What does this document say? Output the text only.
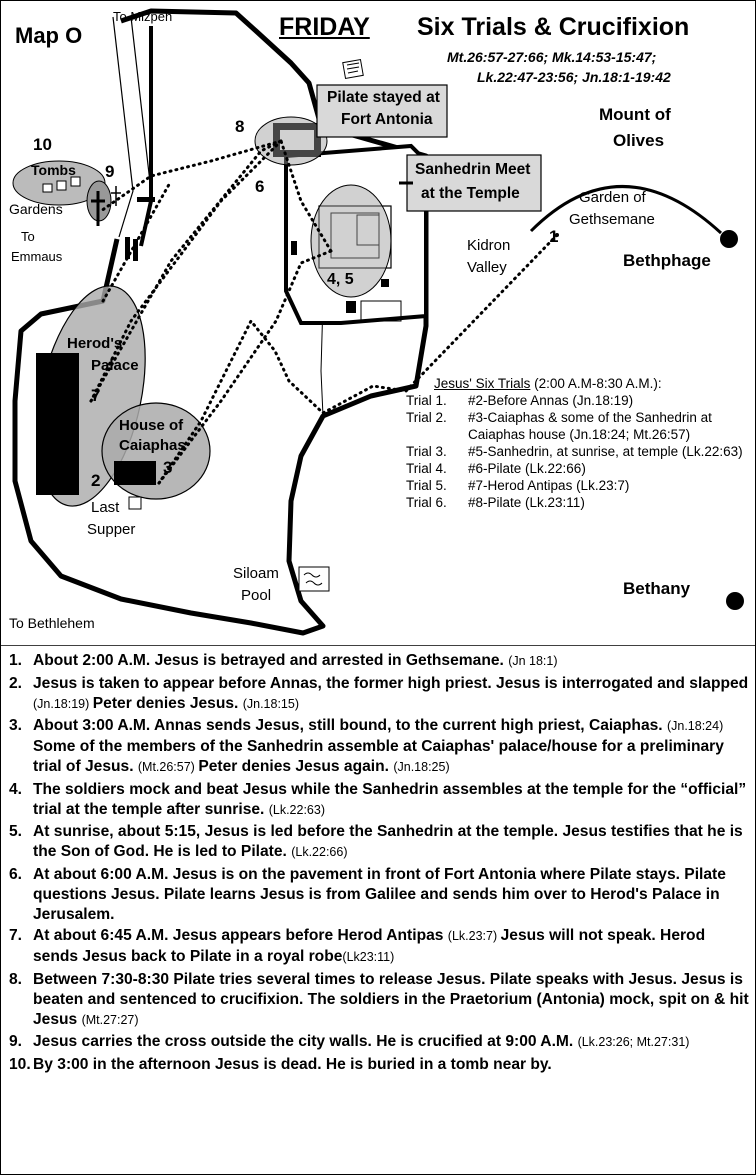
Map O	FRIDAY Six Trials & Crucifixion
Mt.26:57-27:66; Mk.14:53-15:47;
Lk.22:47-23:56; Jn.18:1-19:42
To Mizpeh
Mount of
Olives
Pilate stayed at
Fort Antonia
Sanhedrin Meet
at the Temple	Garden of
Gethsemane
Bethphage
Kidron
Valley
Tombs
Gardens
To
Emmaus
Herod's
Palace
House of
Caiaphas
Last
Supper
Siloam
Pool
To Bethlehem
Bethany
1
2
3
4, 5
6
7
8
9
10
Jesus' Six Trials (2:00 A.M-8:30 A.M.):
Trial 1. #2-Before Annas (Jn.18:19)
Trial 2. #3-Caiaphas & some of the Sanhedrin at Caiaphas house (Jn.18:24; Mt.26:57)
Trial 3. #5-Sanhedrin, at sunrise, at temple (Lk.22:63)
Trial 4. #6-Pilate (Lk.22:66)
Trial 5. #7-Herod Antipas (Lk.23:7)
Trial 6. #8-Pilate (Lk.23:11)
1. About 2:00 A.M. Jesus is betrayed and arrested in Gethsemane. (Jn 18:1)
2. Jesus is taken to appear before Annas, the former high priest. Jesus is interrogated and slapped (Jn.18:19) Peter denies Jesus. (Jn.18:15)
3. About 3:00 A.M. Annas sends Jesus, still bound, to the current high priest, Caiaphas. (Jn.18:24) Some of the members of the Sanhedrin assemble at Caiaphas' palace/house for a preliminary trial of Jesus. (Mt.26:57) Peter denies Jesus again. (Jn.18:25)
4. The soldiers mock and beat Jesus while the Sanhedrin assembles at the temple for the “official” trial at the temple after sunrise. (Lk.22:63)
5. At sunrise, about 5:15, Jesus is led before the Sanhedrin at the temple. Jesus testifies that he is the Son of God. He is led to Pilate. (Lk.22:66)
6. At about 6:00 A.M. Jesus is on the pavement in front of Fort Antonia where Pilate stays. Pilate questions Jesus. Pilate learns Jesus is from Galilee and sends him over to Herod's Palace in Jerusalem.
7. At about 6:45 A.M. Jesus appears before Herod Antipas (Lk.23:7) Jesus will not speak. Herod sends Jesus back to Pilate in a royal robe(Lk23:11)
8. Between 7:30-8:30 Pilate tries several times to release Jesus. Pilate speaks with Jesus. Jesus is beaten and sentenced to crucifixion. The soldiers in the Praetorium (Antonia) mock, spit on & hit Jesus (Mt.27:27)
9. Jesus carries the cross outside the city walls. He is crucified at 9:00 A.M. (Lk.23:26; Mt.27:31)
10. By 3:00 in the afternoon Jesus is dead. He is buried in a tomb near by.
